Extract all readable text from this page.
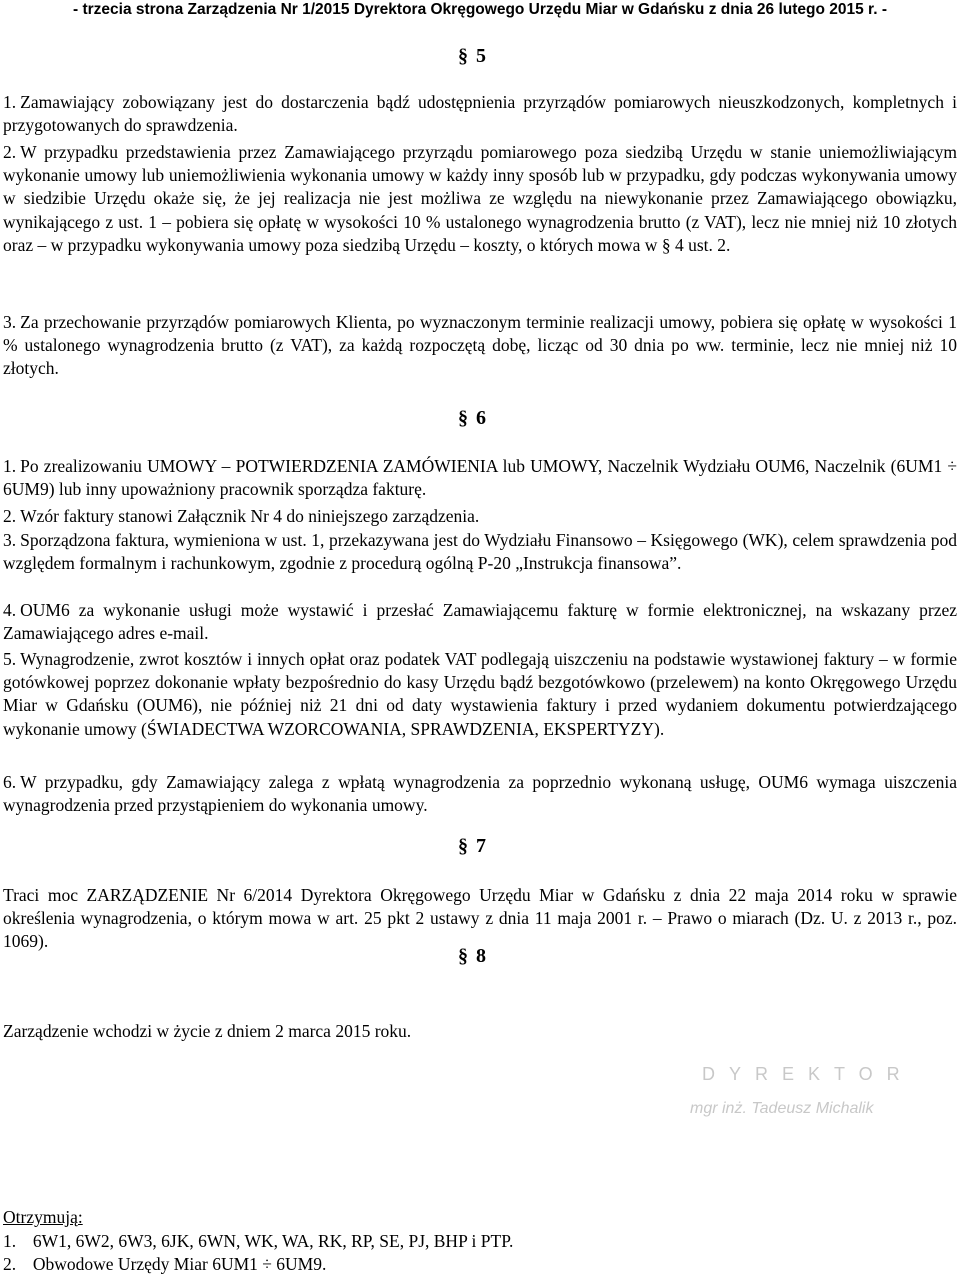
- trzecia strona Zarządzenia Nr 1/2015 Dyrektora Okręgowego Urzędu Miar w Gdańsku z dnia 26 lutego 2015 r. -
§ 5

1. Zamawiający zobowiązany jest do dostarczenia bądź udostępnienia przyrządów pomiarowych nieuszkodzonych, kompletnych i przygotowanych do sprawdzenia.

2. W przypadku przedstawienia przez Zamawiającego przyrządu pomiarowego poza siedzibą Urzędu w stanie uniemożliwiającym wykonanie umowy lub uniemożliwienia wykonania umowy w każdy inny sposób lub w przypadku, gdy podczas wykonywania umowy w siedzibie Urzędu okaże się, że jej realizacja nie jest możliwa ze względu na niewykonanie przez Zamawiającego obowiązku, wynikającego z ust. 1 – pobiera się opłatę w wysokości 10 % ustalonego wynagrodzenia brutto (z VAT), lecz nie mniej niż 10 złotych oraz – w przypadku wykonywania umowy poza siedzibą Urzędu – koszty, o których mowa w § 4 ust. 2.

3. Za przechowanie przyrządów pomiarowych Klienta, po wyznaczonym terminie realizacji umowy, pobiera się opłatę w wysokości 1 % ustalonego wynagrodzenia brutto (z VAT), za każdą rozpoczętą dobę, licząc od 30 dnia po ww. terminie, lecz nie mniej niż 10 złotych.

§ 6

1. Po zrealizowaniu UMOWY – POTWIERDZENIA ZAMÓWIENIA lub UMOWY, Naczelnik Wydziału OUM6, Naczelnik (6UM1 ÷ 6UM9) lub inny upoważniony pracownik sporządza fakturę.

2. Wzór faktury stanowi Załącznik Nr 4 do niniejszego zarządzenia.

3. Sporządzona faktura, wymieniona w ust. 1, przekazywana jest do Wydziału Finansowo – Księgowego (WK), celem sprawdzenia pod względem formalnym i rachunkowym, zgodnie z procedurą ogólną P-20 „Instrukcja finansowa”.

4. OUM6 za wykonanie usługi może wystawić i przesłać Zamawiającemu fakturę w formie elektronicznej, na wskazany przez Zamawiającego adres e-mail.

5. Wynagrodzenie, zwrot kosztów i innych opłat oraz podatek VAT podlegają uiszczeniu na podstawie wystawionej faktury – w formie gotówkowej poprzez dokonanie wpłaty bezpośrednio do kasy Urzędu bądź bezgotówkowo (przelewem) na konto Okręgowego Urzędu Miar w Gdańsku (OUM6), nie później niż 21 dni od daty wystawienia faktury i przed wydaniem dokumentu potwierdzającego wykonanie umowy (ŚWIADECTWA WZORCOWANIA, SPRAWDZENIA, EKSPERTYZY).

6. W przypadku, gdy Zamawiający zalega z wpłatą wynagrodzenia za poprzednio wykonaną usługę, OUM6 wymaga uiszczenia wynagrodzenia przed przystąpieniem do wykonania umowy.

§ 7

Traci moc ZARZĄDZENIE Nr 6/2014 Dyrektora Okręgowego Urzędu Miar w Gdańsku z dnia 22 maja 2014 roku w sprawie określenia wynagrodzenia, o którym mowa w art. 25 pkt 2 ustawy z dnia 11 maja 2001 r. – Prawo o miarach (Dz. U. z 2013 r., poz. 1069).

§ 8
Zarządzenie wchodzi w życie z dniem 2 marca 2015 roku.
DYREKTOR
mgr inż. Tadeusz Michalik
Otrzymują:
1. 6W1, 6W2, 6W3, 6JK, 6WN, WK, WA, RK, RP, SE, PJ, BHP i PTP.
2. Obwodowe Urzędy Miar 6UM1 ÷ 6UM9.
